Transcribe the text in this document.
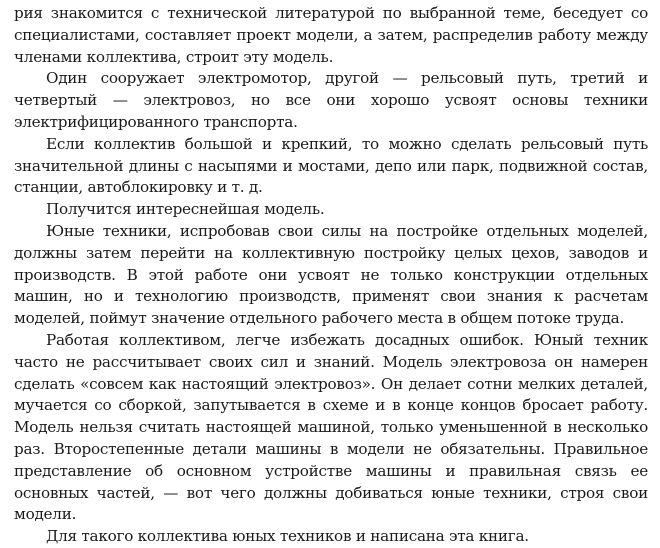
рия знакомится с технической литературой по выбранной теме, беседует со специалистами, составляет проект модели, а затем, распределив работу между членами коллектива, строит эту модель.

Один сооружает электромотор, другой — рельсовый путь, третий и четвертый — электровоз, но все они хорошо усвоят основы техники электрифицированного транспорта.

Если коллектив большой и крепкий, то можно сделать рельсовый путь значительной длины с насыпями и мостами, депо или парк, подвижной состав, станции, автоблокировку и т. д.

Получится интереснейшая модель.

Юные техники, испробовав свои силы на постройке отдельных моделей, должны затем перейти на коллективную постройку целых цехов, заводов и производств. В этой работе они усвоят не только конструкции отдельных машин, но и технологию производств, применят свои знания к расчетам моделей, поймут значение отдельного рабочего места в общем потоке труда.

Работая коллективом, легче избежать досадных ошибок. Юный техник часто не рассчитывает своих сил и знаний. Модель электровоза он намерен сделать «совсем как настоящий электровоз». Он делает сотни мелких деталей, мучается со сборкой, запутывается в схеме и в конце концов бросает работу. Модель нельзя считать настоящей машиной, только уменьшенной в несколько раз. Второстепенные детали машины в модели не обязательны. Правильное представление об основном устройстве машины и правильная связь ее основных частей, — вот чего должны добиваться юные техники, строя свои модели.

Для такого коллектива юных техников и написана эта книга.
